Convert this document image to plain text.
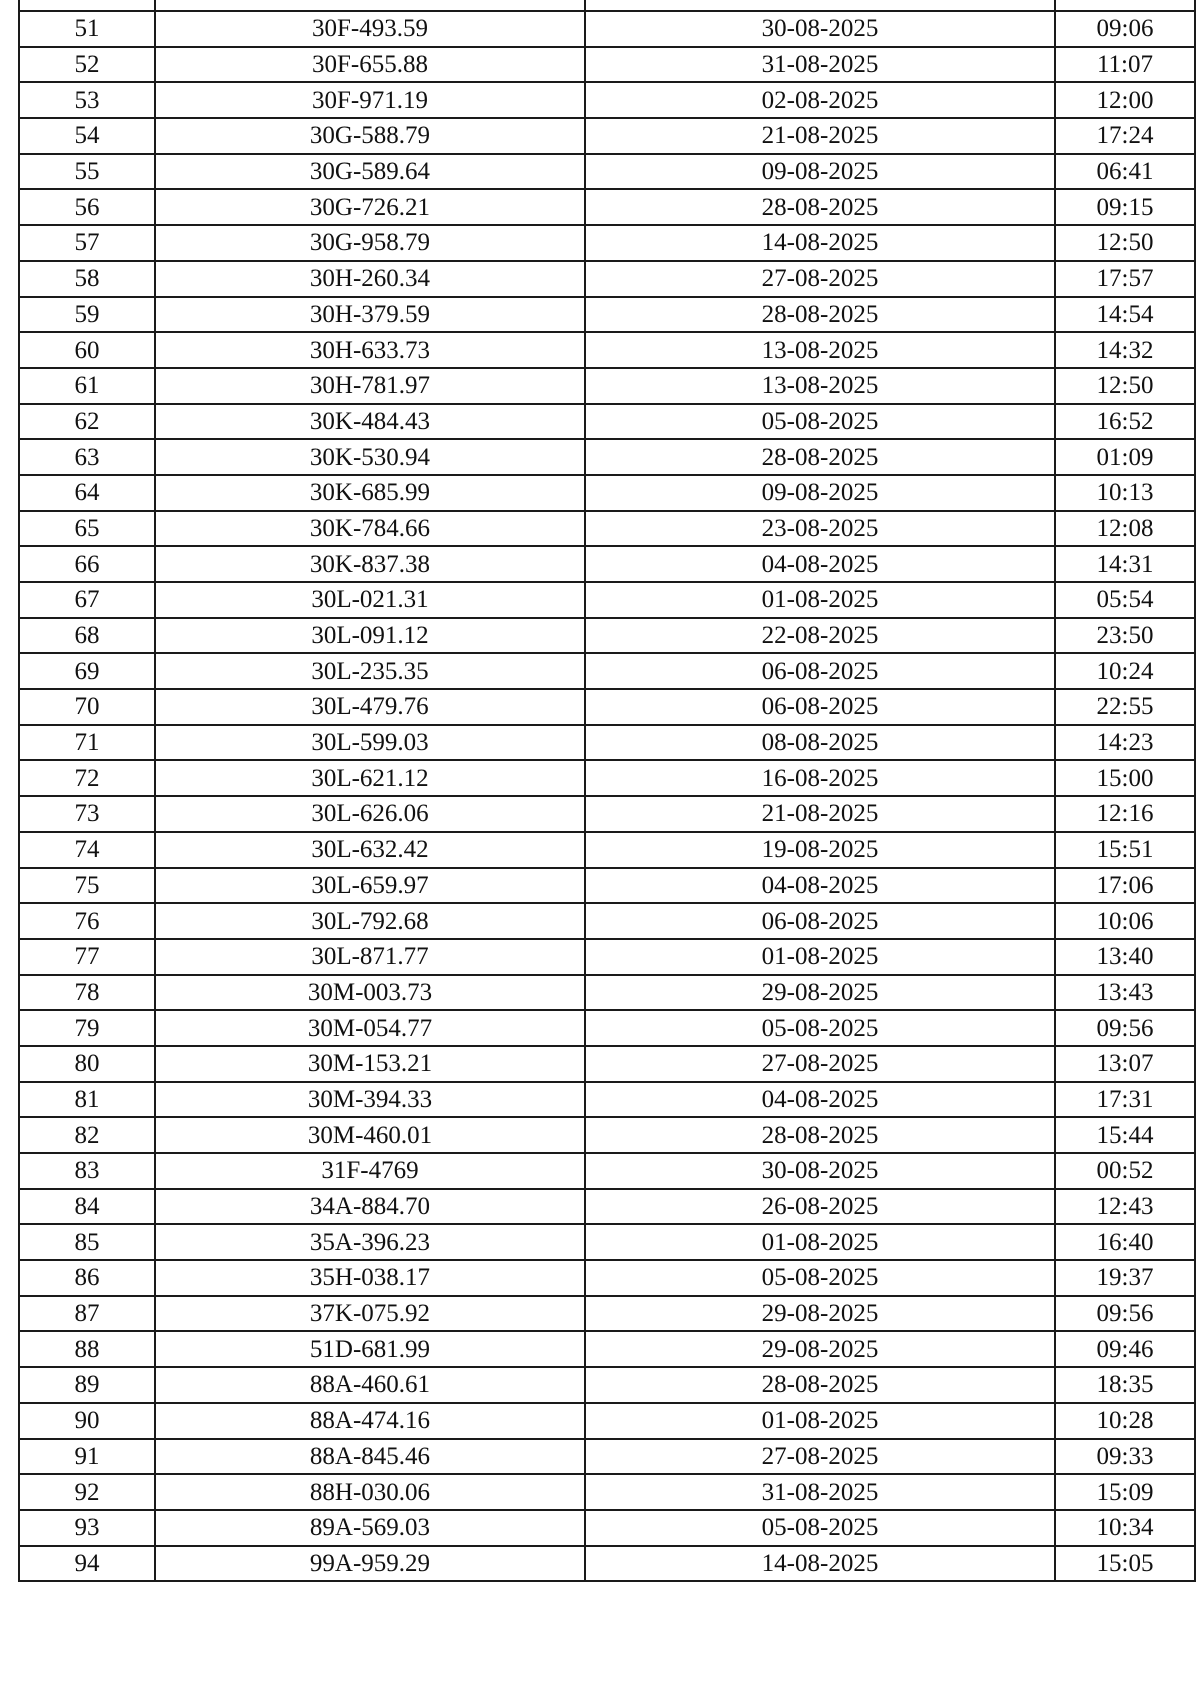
51	30F-493.59	30-08-2025	09:06
52	30F-655.88	31-08-2025	11:07
53	30F-971.19	02-08-2025	12:00
54	30G-588.79	21-08-2025	17:24
55	30G-589.64	09-08-2025	06:41
56	30G-726.21	28-08-2025	09:15
57	30G-958.79	14-08-2025	12:50
58	30H-260.34	27-08-2025	17:57
59	30H-379.59	28-08-2025	14:54
60	30H-633.73	13-08-2025	14:32
61	30H-781.97	13-08-2025	12:50
62	30K-484.43	05-08-2025	16:52
63	30K-530.94	28-08-2025	01:09
64	30K-685.99	09-08-2025	10:13
65	30K-784.66	23-08-2025	12:08
66	30K-837.38	04-08-2025	14:31
67	30L-021.31	01-08-2025	05:54
68	30L-091.12	22-08-2025	23:50
69	30L-235.35	06-08-2025	10:24
70	30L-479.76	06-08-2025	22:55
71	30L-599.03	08-08-2025	14:23
72	30L-621.12	16-08-2025	15:00
73	30L-626.06	21-08-2025	12:16
74	30L-632.42	19-08-2025	15:51
75	30L-659.97	04-08-2025	17:06
76	30L-792.68	06-08-2025	10:06
77	30L-871.77	01-08-2025	13:40
78	30M-003.73	29-08-2025	13:43
79	30M-054.77	05-08-2025	09:56
80	30M-153.21	27-08-2025	13:07
81	30M-394.33	04-08-2025	17:31
82	30M-460.01	28-08-2025	15:44
83	31F-4769	30-08-2025	00:52
84	34A-884.70	26-08-2025	12:43
85	35A-396.23	01-08-2025	16:40
86	35H-038.17	05-08-2025	19:37
87	37K-075.92	29-08-2025	09:56
88	51D-681.99	29-08-2025	09:46
89	88A-460.61	28-08-2025	18:35
90	88A-474.16	01-08-2025	10:28
91	88A-845.46	27-08-2025	09:33
92	88H-030.06	31-08-2025	15:09
93	89A-569.03	05-08-2025	10:34
94	99A-959.29	14-08-2025	15:05
